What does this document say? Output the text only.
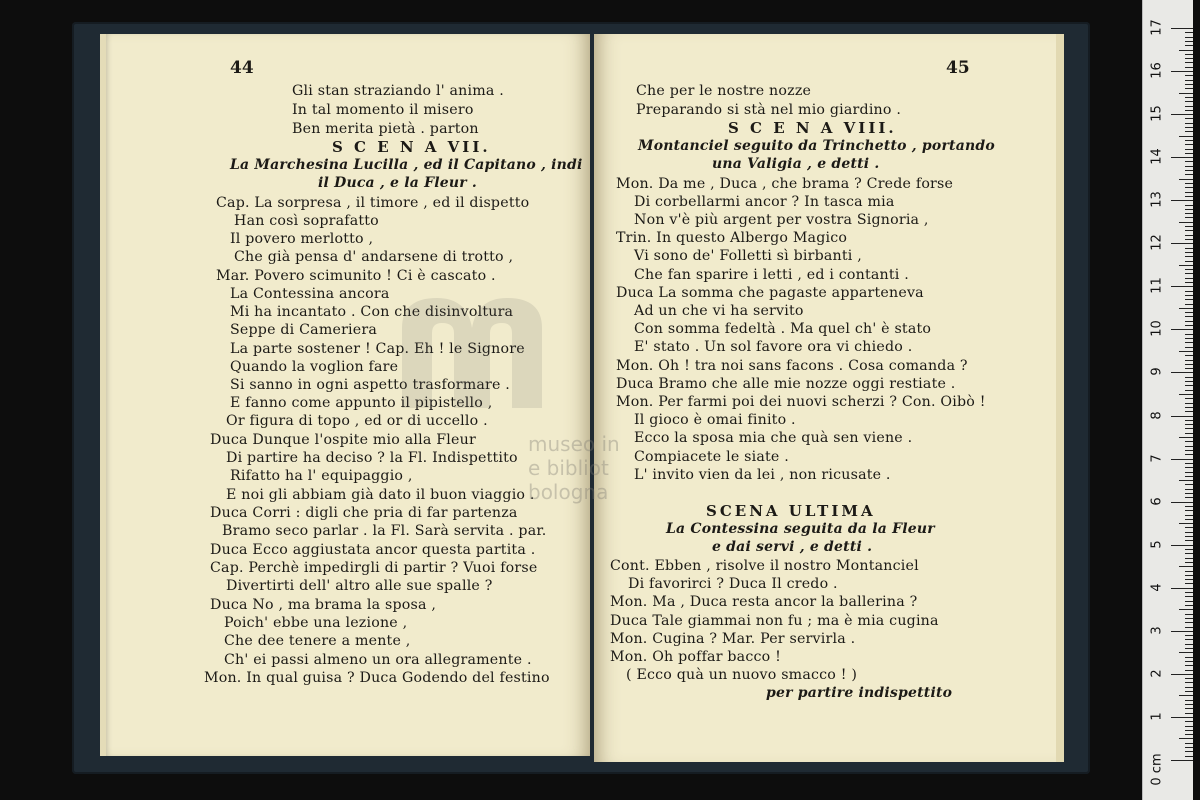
44
Gli stan straziando l' anima .
In tal momento il misero
Ben merita pietà . parton
S C E N A VII.
La Marchesina Lucilla , ed il Capitano , indi
il Duca , e la Fleur .
Cap. La sorpresa , il timore , ed il dispetto
Han così soprafatto
Il povero merlotto ,
Che già pensa d' andarsene di trotto ,
Mar. Povero scimunito ! Ci è cascato .
La Contessina ancora
Mi ha incantato . Con che disinvoltura
Seppe di Cameriera
La parte sostener ! Cap. Eh ! le Signore
Quando la voglion fare
Si sanno in ogni aspetto trasformare .
E fanno come appunto il pipistello ,
Or figura di topo , ed or di uccello .
Duca Dunque l'ospite mio alla Fleur
Di partire ha deciso ? la Fl. Indispettito
Rifatto ha l' equipaggio ,
E noi gli abbiam già dato il buon viaggio .
Duca Corri : digli che pria di far partenza
Bramo seco parlar . la Fl. Sarà servita . par.
Duca Ecco aggiustata ancor questa partita .
Cap. Perchè impedirgli di partir ? Vuoi forse
Divertirti dell' altro alle sue spalle ?
Duca No , ma brama la sposa ,
Poich' ebbe una lezione ,
Che dee tenere a mente ,
Ch' ei passi almeno un ora allegramente .
Mon. In qual guisa ? Duca Godendo del festino
45
Che per le nostre nozze
Preparando si stà nel mio giardino .
S C E N A VIII.
Montanciel seguito da Trinchetto , portando
una Valigia , e detti .
Mon. Da me , Duca , che brama ? Crede forse
Di corbellarmi ancor ? In tasca mia
Non v'è più argent per vostra Signoria ,
Trin. In questo Albergo Magico
Vi sono de' Folletti sì birbanti ,
Che fan sparire i letti , ed i contanti .
Duca La somma che pagaste apparteneva
Ad un che vi ha servito
Con somma fedeltà . Ma quel ch' è stato
E' stato . Un sol favore ora vi chiedo .
Mon. Oh ! tra noi sans facons . Cosa comanda ?
Duca Bramo che alle mie nozze oggi restiate .
Mon. Per farmi poi dei nuovi scherzi ? Con. Oibò !
Il gioco è omai finito .
Ecco la sposa mia che quà sen viene .
Compiacete le siate .
L' invito vien da lei , non ricusate .
SCENA ULTIMA
La Contessina seguita da la Fleur
e dai servi , e detti .
Cont. Ebben , risolve il nostro Montanciel
Di favorirci ? Duca Il credo .
Mon. Ma , Duca resta ancor la ballerina ?
Duca Tale giammai non fu ; ma è mia cugina
Mon. Cugina ? Mar. Per servirla .
Mon. Oh poffar bacco !
( Ecco quà un nuovo smacco ! )
per partire indispettito
museo in
e bibliot
bologna
0 cm
1
2
3
4
5
6
7
8
9
10
11
12
13
14
15
16
17
